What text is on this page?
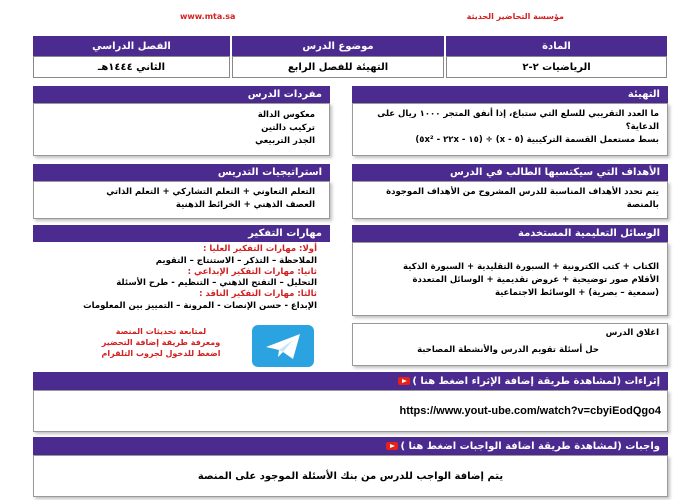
www.mta.sa	مؤسسة التحاضير الحديثة
الفصل الدراسي	موضوع الدرس	المادة
الثاني ١٤٤٤هـ	التهيئة للفصل الرابع	الرياضيات ٢-٢
التهيئة
ما العدد التقريبي للسلع التي ستباع، إذا أنفق المتجر ١٠٠٠ ريال على الدعاية؟
بسط مستعمل القسمة التركيبية (٥ - x) ÷ (١٥ - ٢٢x - ٥x²)
مفردات الدرس
معكوس الدالة
تركيب دالتين
الجذر التربيعي
الأهداف التي سيكتسبها الطالب في الدرس
يتم تحدد الأهداف المناسبة للدرس المشروح من الأهداف الموجودة بالمنصة
استراتيجيات التدريس
التعلم التعاوني + التعلم التشاركي + التعلم الذاتي
العصف الذهني + الخرائط الذهنية
الوسائل التعليمية المستخدمة
الكتاب + كتب الكترونية + السبورة التقليدية + السبورة الذكية
الأقلام صور توضيحية + عروض تقديمية + الوسائل المتعددة
(سمعية – بصرية) + الوسائط الاجتماعية
مهارات التفكير
أولا: مهارات التفكير العليا :
الملاحظة – التذكر – الاستنتاج – التقويم
ثانيا: مهارات التفكير الإبداعي :
التحليل – التفتح الذهني – التنظيم - طرح الأسئلة
ثالثا: مهارات التفكير الناقد :
الإبداع - حسن الإنصات - المرونة – التمييز بين المعلومات
لمتابعة تحديثات المنصة
ومعرفة طريقة إضافة التحضير
اضغط للدخول لجروب التلقرام
اغلاق الدرس
حل أسئلة تقويم الدرس والأنشطة المصاحبة
إثراءات (لمشاهدة طريقة إضافة الإثراء اضغط هنا )
https://www.yout-ube.com/watch?v=cbyiEodQgo4
واجبات (لمشاهدة طريقة اضافة الواجبات اضغط هنا )
يتم إضافة الواجب للدرس من بنك الأسئلة الموجود على المنصة
